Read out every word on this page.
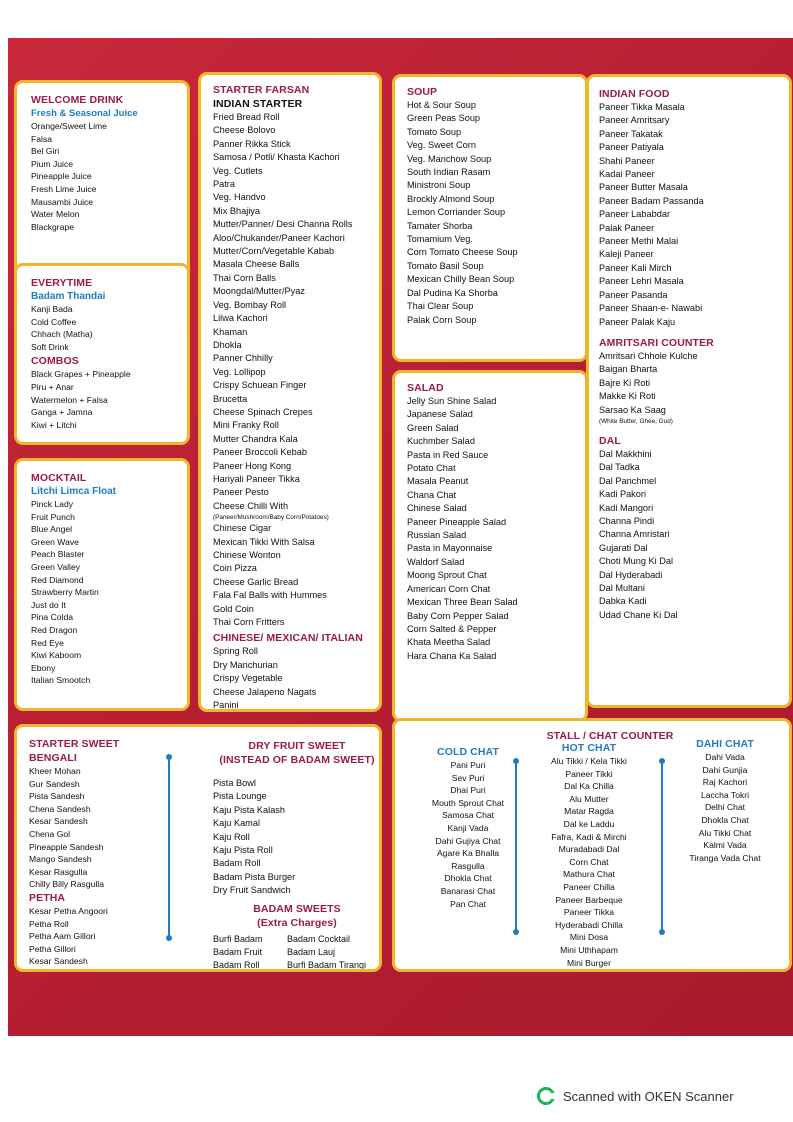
WELCOME DRINK

Fresh & Seasonal Juice

Orange/Sweet Lime
Falsa
Bel Giri
Pium Juice
Pineapple Juice
Fresh Lime Juice
Mausambi Juice
Water Melon
Blackgrape

EVERYTIME

Badam Thandai

Kanji Bada
Cold Coffee
Chhach (Matha)
Soft Drink

COMBOS

Black Grapes + Pineapple
Piru + Anar
Watermelon + Falsa
Ganga + Jamna
Kiwi + Litchi

MOCKTAIL

Litchi Limca Float

Pinck Lady
Fruit Punch
Blue Angel
Green Wave
Peach Blaster
Green Valley
Red Diamond
Strawberry Martin
Just do It
Pina Colda
Red Dragon
Red Eye
Kiwi Kaboom
Ebony
Italian Smootch

STARTER FARSAN

INDIAN STARTER

Fried Bread Roll
Cheese Bolovo
Panner Rikka Stick
Samosa / Potli/ Khasta Kachori
Veg. Cutlets
Patra
Veg. Handvo
Mix Bhajiya
Mutter/Panner/ Desi Channa Rolls
Aloo/Chukander/Paneer Kachori
Mutter/Corn/Vegetable Kabab
Masala Cheese Balls
Thai Corn Balls
Moongdal/Mutter/Pyaz
Veg. Bombay Roll
Lilwa Kachori
Khaman
Dhokla
Panner Chhilly
Veg. Lollipop
Crispy Schuean Finger
Brucetta
Cheese Spinach Crepes
Mini Franky Roll
Mutter Chandra Kala
Paneer Broccoli Kebab
Paneer Hong Kong
Hariyali Paneer Tikka
Paneer Pesto
Cheese Chilli With
(Paneer/Mushroom/Baby Corn/Potatoes)
Chinese Cigar
Mexican Tikki With Salsa
Chinese Wonton
Coin Pizza
Cheese Garlic Bread
Fala Fal Balls with Hummes
Gold Coin
Thai Corn Fritters

CHINESE/ MEXICAN/ ITALIAN

Spring Roll
Dry Manchurian
Crispy Vegetable
Cheese Jalapeno Nagats
Panini

SOUP

Hot & Sour Soup
Green Peas Soup
Tomato Soup
Veg. Sweet Corn
Veg. Manchow Soup
South Indian Rasam
Ministroni Soup
Brockly Almond Soup
Lemon Corriander Soup
Tamater Shorba
Tomamium Veg.
Corn Tomato Cheese Soup
Tomato Basil Soup
Mexican Chilly Bean Soup
Dal Pudina Ka Shorba
Thai Clear Soup
Palak Corn Soup

SALAD

Jelly Sun Shine Salad
Japanese Salad
Green Salad
Kuchmber Salad
Pasta in Red Sauce
Potato Chat
Masala Peanut
Chana Chat
Chinese Salad
Paneer Pineapple Salad
Russian Salad
Pasta in Mayonnaise
Waldorf Salad
Moong Sprout Chat
American Corn Chat
Mexican Three Bean Salad
Baby Corn Pepper Salad
Corn Salted & Pepper
Khata Meetha Salad
Hara Chana Ka Salad

INDIAN FOOD

Paneer Tikka Masala
Paneer Amritsary
Paneer Takatak
Paneer Patiyala
Shahi Paneer
Kadai Paneer
Paneer Butter Masala
Paneer Badam Passanda
Paneer Lababdar
Palak Paneer
Paneer Methi Malai
Kaleji Paneer
Paneer Kali Mirch
Paneer Lehri Masala
Paneer Pasanda
Paneer Shaan-e- Nawabi
Paneer Palak Kaju

AMRITSARI COUNTER

Amritsari Chhole Kulche
Baigan Bharta
Bajre Ki Roti
Makke Ki Roti
Sarsao Ka Saag
(White Butter, Ghee, Gud)

DAL

Dal Makkhini
Dal Tadka
Dal Panchmel
Kadi Pakori
Kadi Mangori
Channa Pindi
Channa Amristari
Gujarati Dal
Choti Mung Ki Dal
Dal Hyderabadi
Dal Multani
Dabka Kadi
Udad Chane Ki Dal

STARTER SWEET

BENGALI

Kheer Mohan
Gur Sandesh
Pista Sandesh
Chena Sandesh
Kesar Sandesh
Chena Gol
Pineapple Sandesh
Mango Sandesh
Kesar Rasgulla
Chilly Billy Rasgulla

PETHA

Kesar Petha Angoori
Petha Roll
Petha Aam Gillori
Petha Gillori
Kesar Sandesh

DRY FRUIT SWEET

(INSTEAD OF BADAM SWEET)

Pista Bowl
Pista Lounge
Kaju Pista Kalash
Kaju Kamal
Kaju Roll
Kaju Pista Roll
Badam Roll
Badam Pista Burger
Dry Fruit Sandwich

BADAM SWEETS

(Extra Charges)

Burfi Badam	Badam Cocktail
Badam Fruit	Badam Lauj
Badam Roll	Burfi Badam Tirangi

STALL / CHAT COUNTER

COLD CHAT

Pani Puri
Sev Puri
Dhai Puri
Mouth Sprout Chat
Samosa Chat
Kanji Vada
Dahi Gujiya Chat
Agare Ka Bhalla
Rasgulla
Dhokla Chat
Banarasi Chat
Pan Chat

HOT CHAT

Alu Tikki / Kela Tikki
Paneer Tikki
Dal Ka Chilla
Alu Mutter
Matar Ragda
Dal ke Laddu
Fafra, Kadi & Mirchi
Muradabadi Dal
Corn Chat
Mathura Chat
Paneer Chilla
Paneer Barbeque
Paneer Tikka
Hyderabadi Chilla
Mini Dosa
Mini Uthhapam
Mini Burger

DAHI CHAT

Dahi Vada
Dahi Gunjia
Raj Kachori
Laccha Tokri
Delhi Chat
Dhokla Chat
Alu Tikki Chat
Kalmi Vada
Tiranga Vada Chat
Scanned with OKEN Scanner
